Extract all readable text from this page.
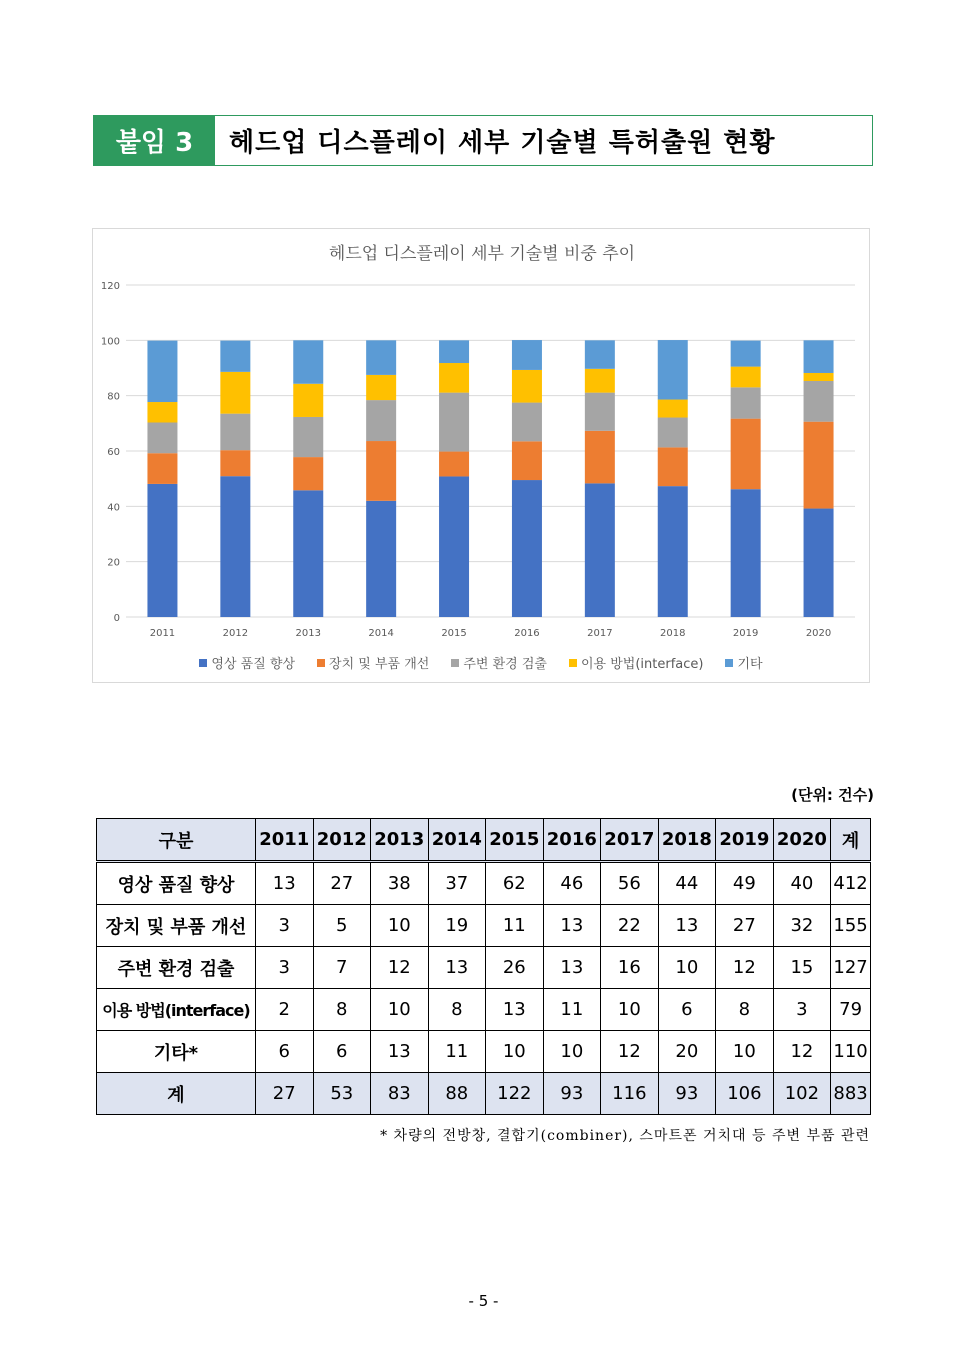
붙임 3	헤드업 디스플레이 세부 기술별 특허출원 현황
헤드업 디스플레이 세부 기술별 비중 추이
0
20
40
60
80
100
120
2011	2012	2013	2014	2015	2016	2017	2018	2019	2020
영상 품질 향상	장치 및 부품 개선	주변 환경 검출	이용 방법(interface)	기타
(단위: 건수)
구분	2011	2012	2013	2014	2015	2016	2017	2018	2019	2020	계
영상 품질 향상	13	27	38	37	62	46	56	44	49	40	412
장치 및 부품 개선	3	5	10	19	11	13	22	13	27	32	155
주변 환경 검출	3	7	12	13	26	13	16	10	12	15	127
이용 방법(interface)	2	8	10	8	13	11	10	6	8	3	79
기타*	6	6	13	11	10	10	12	20	10	12	110
계	27	53	83	88	122	93	116	93	106	102	883
* 차량의 전방창, 결합기(combiner), 스마트폰 거치대 등 주변 부품 관련
- 5 -
